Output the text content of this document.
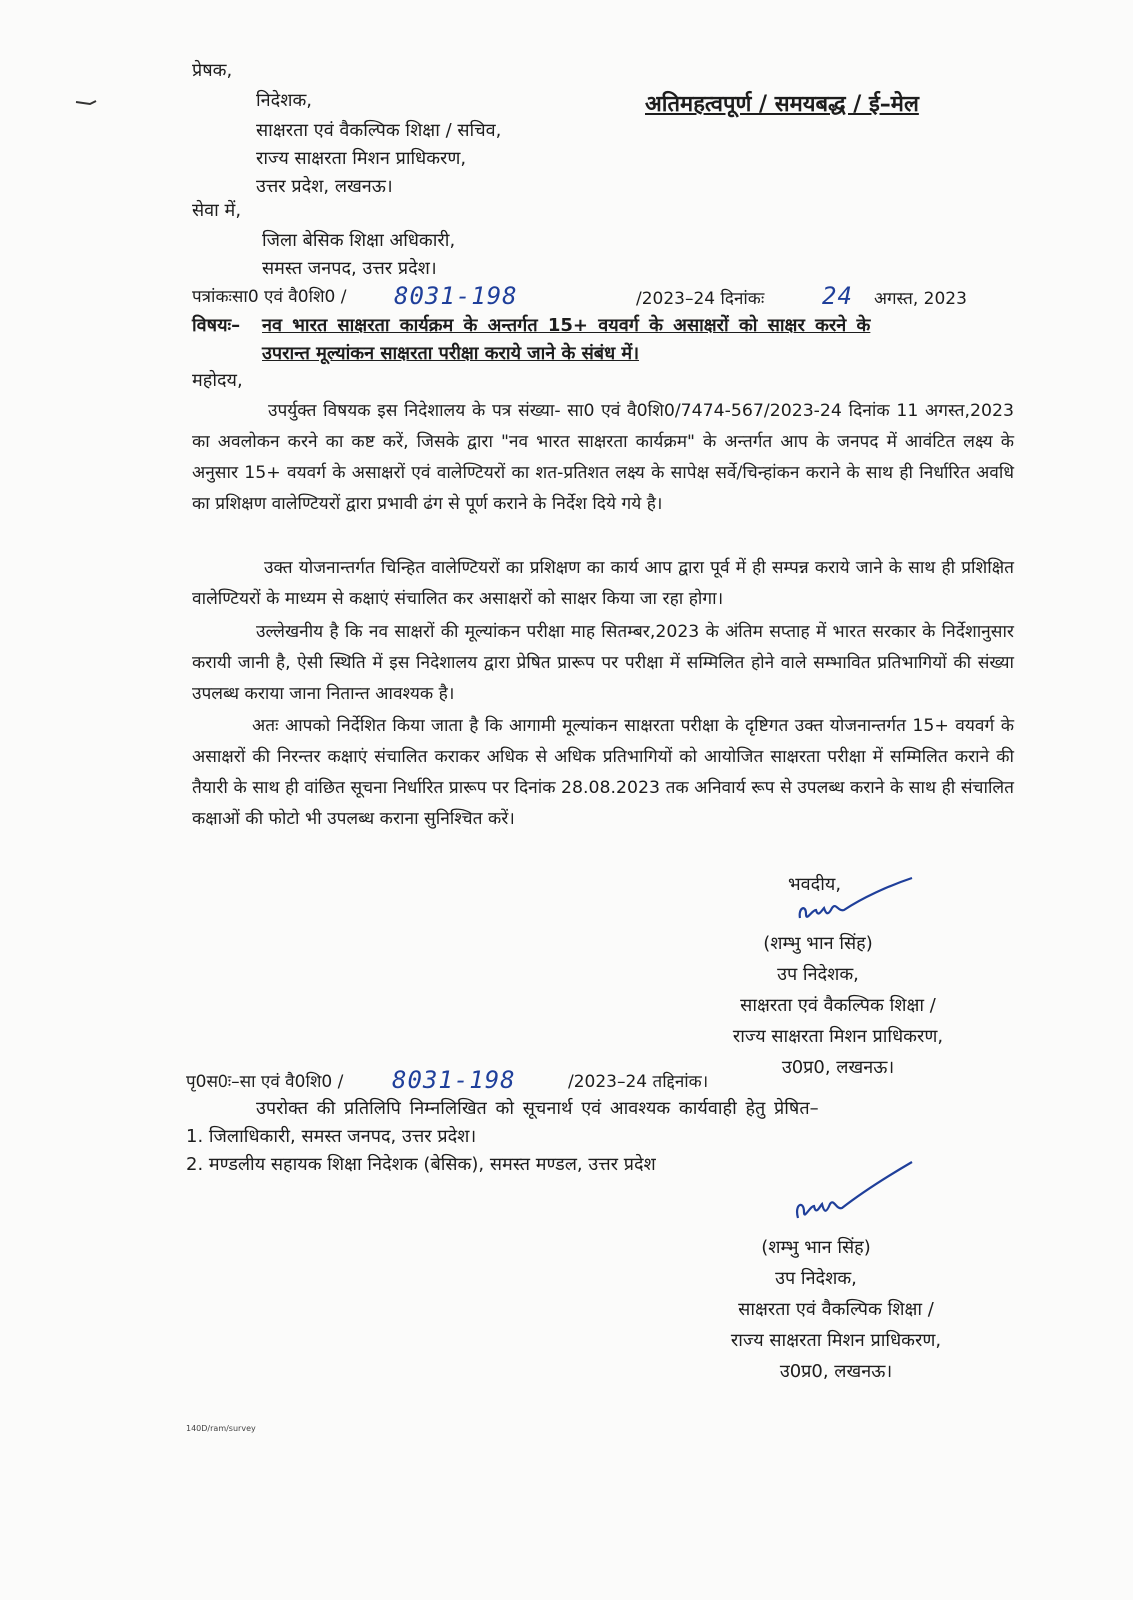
प्रेषक,
निदेशक,
साक्षरता एवं वैकल्पिक शिक्षा / सचिव,
राज्य साक्षरता मिशन प्राधिकरण,
उत्तर प्रदेश, लखनऊ।
अतिमहत्वपूर्ण / समयबद्ध / ई–मेल
सेवा में,
जिला बेसिक शिक्षा अधिकारी,
समस्त जनपद, उत्तर प्रदेश।
पत्रांकःसा0 एवं वै0शि0 / 8031-198	/2023–24 दिनांकः 24 अगस्त, 2023
विषयः– नव भारत साक्षरता कार्यक्रम के अन्तर्गत 15+ वयवर्ग के असाक्षरों को साक्षर करने के
उपरान्त मूल्यांकन साक्षरता परीक्षा कराये जाने के संबंध में।
महोदय,
उपर्युक्त विषयक इस निदेशालय के पत्र संख्या- सा0 एवं वै0शि0/7474-567/2023-24 दिनांक 11 अगस्त,2023 का अवलोकन करने का कष्ट करें, जिसके द्वारा "नव भारत साक्षरता कार्यक्रम" के अन्तर्गत आप के जनपद में आवंटित लक्ष्य के अनुसार 15+ वयवर्ग के असाक्षरों एवं वालेण्टियरों का शत-प्रतिशत लक्ष्य के सापेक्ष सर्वे/चिन्हांकन कराने के साथ ही निर्धारित अवधि का प्रशिक्षण वालेण्टियरों द्वारा प्रभावी ढंग से पूर्ण कराने के निर्देश दिये गये है।
उक्त योजनान्तर्गत चिन्हित वालेण्टियरों का प्रशिक्षण का कार्य आप द्वारा पूर्व में ही सम्पन्न कराये जाने के साथ ही प्रशिक्षित वालेण्टियरों के माध्यम से कक्षाएं संचालित कर असाक्षरों को साक्षर किया जा रहा होगा।
उल्लेखनीय है कि नव साक्षरों की मूल्यांकन परीक्षा माह सितम्बर,2023 के अंतिम सप्ताह में भारत सरकार के निर्देशानुसार करायी जानी है, ऐसी स्थिति में इस निदेशालय द्वारा प्रेषित प्रारूप पर परीक्षा में सम्मिलित होने वाले सम्भावित प्रतिभागियों की संख्या उपलब्ध कराया जाना नितान्त आवश्यक है।
अतः आपको निर्देशित किया जाता है कि आगामी मूल्यांकन साक्षरता परीक्षा के दृष्टिगत उक्त योजनान्तर्गत 15+ वयवर्ग के असाक्षरों की निरन्तर कक्षाएं संचालित कराकर अधिक से अधिक प्रतिभागियों को आयोजित साक्षरता परीक्षा में सम्मिलित कराने की तैयारी के साथ ही वांछित सूचना निर्धारित प्रारूप पर दिनांक 28.08.2023 तक अनिवार्य रूप से उपलब्ध कराने के साथ ही संचालित कक्षाओं की फोटो भी उपलब्ध कराना सुनिश्चित करें।
भवदीय,
(शम्भु भान सिंह)
उप निदेशक,
साक्षरता एवं वैकल्पिक शिक्षा /
राज्य साक्षरता मिशन प्राधिकरण,
उ0प्र0, लखनऊ।
पृ0स0ः–सा एवं वै0शि0 / 8031-198	/2023–24 तद्दिनांक।
उपरोक्त की प्रतिलिपि निम्नलिखित को सूचनार्थ एवं आवश्यक कार्यवाही हेतु प्रेषित–
1. जिलाधिकारी, समस्त जनपद, उत्तर प्रदेश।
2. मण्डलीय सहायक शिक्षा निदेशक (बेसिक), समस्त मण्डल, उत्तर प्रदेश
(शम्भु भान सिंह)
उप निदेशक,
साक्षरता एवं वैकल्पिक शिक्षा /
राज्य साक्षरता मिशन प्राधिकरण,
उ0प्र0, लखनऊ।
140D/ram/survey
